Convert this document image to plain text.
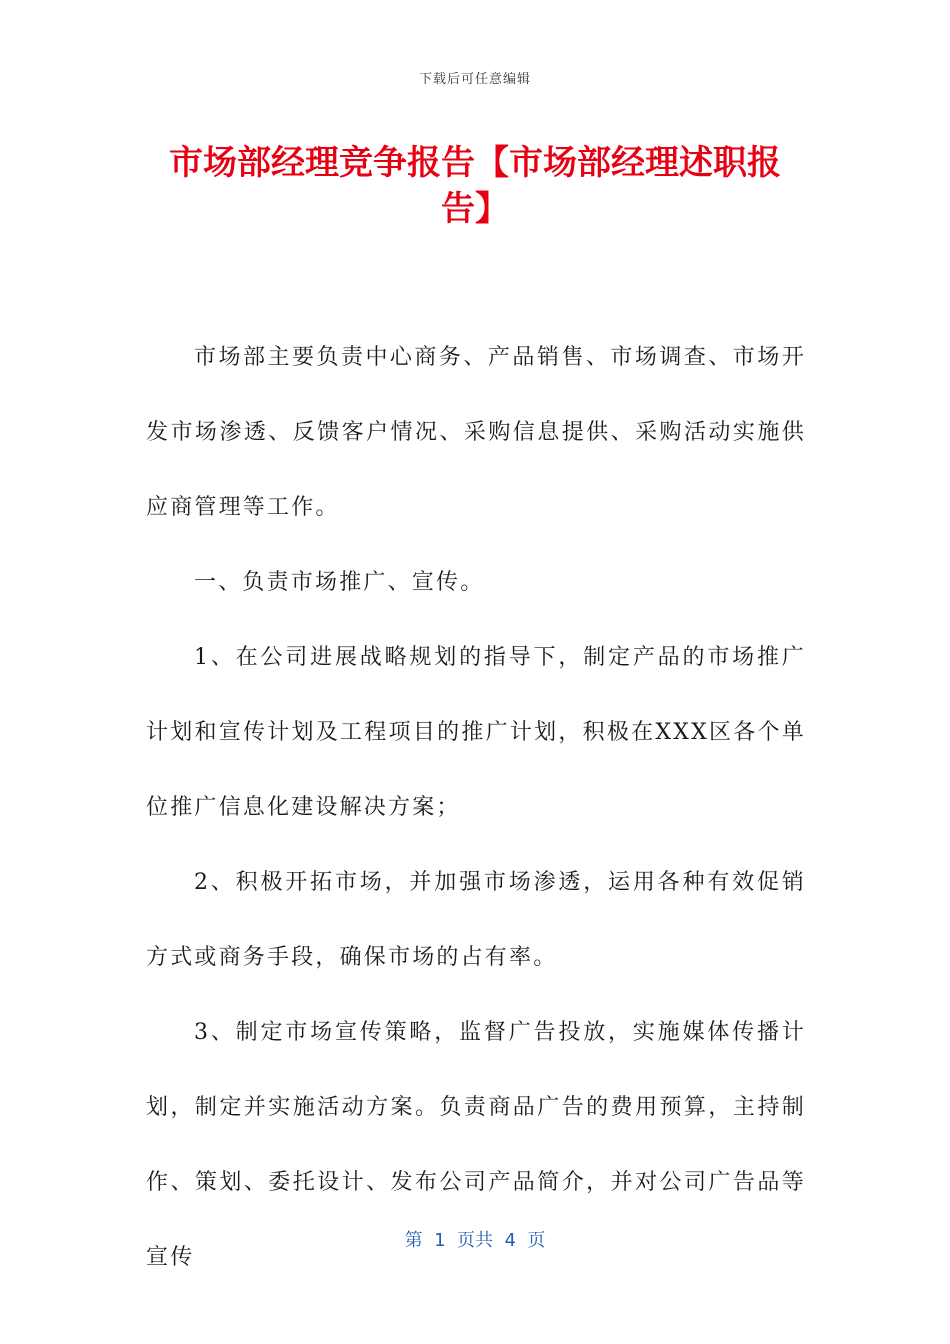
下载后可任意编辑
市场部经理竞争报告【市场部经理述职报告】

市场部主要负责中心商务、产品销售、市场调查、市场开发市场渗透、反馈客户情况、采购信息提供、采购活动实施供应商管理等工作。

一、负责市场推广、宣传。

1、在公司进展战略规划的指导下，制定产品的市场推广计划和宣传计划及工程项目的推广计划，积极在XXX区各个单位推广信息化建设解决方案；

2、积极开拓市场，并加强市场渗透，运用各种有效促销方式或商务手段，确保市场的占有率。

3、制定市场宣传策略，监督广告投放，实施媒体传播计划，制定并实施活动方案。负责商品广告的费用预算，主持制作、策划、委托设计、发布公司产品简介，并对公司广告品等宣传

第  1  页共  4  页
